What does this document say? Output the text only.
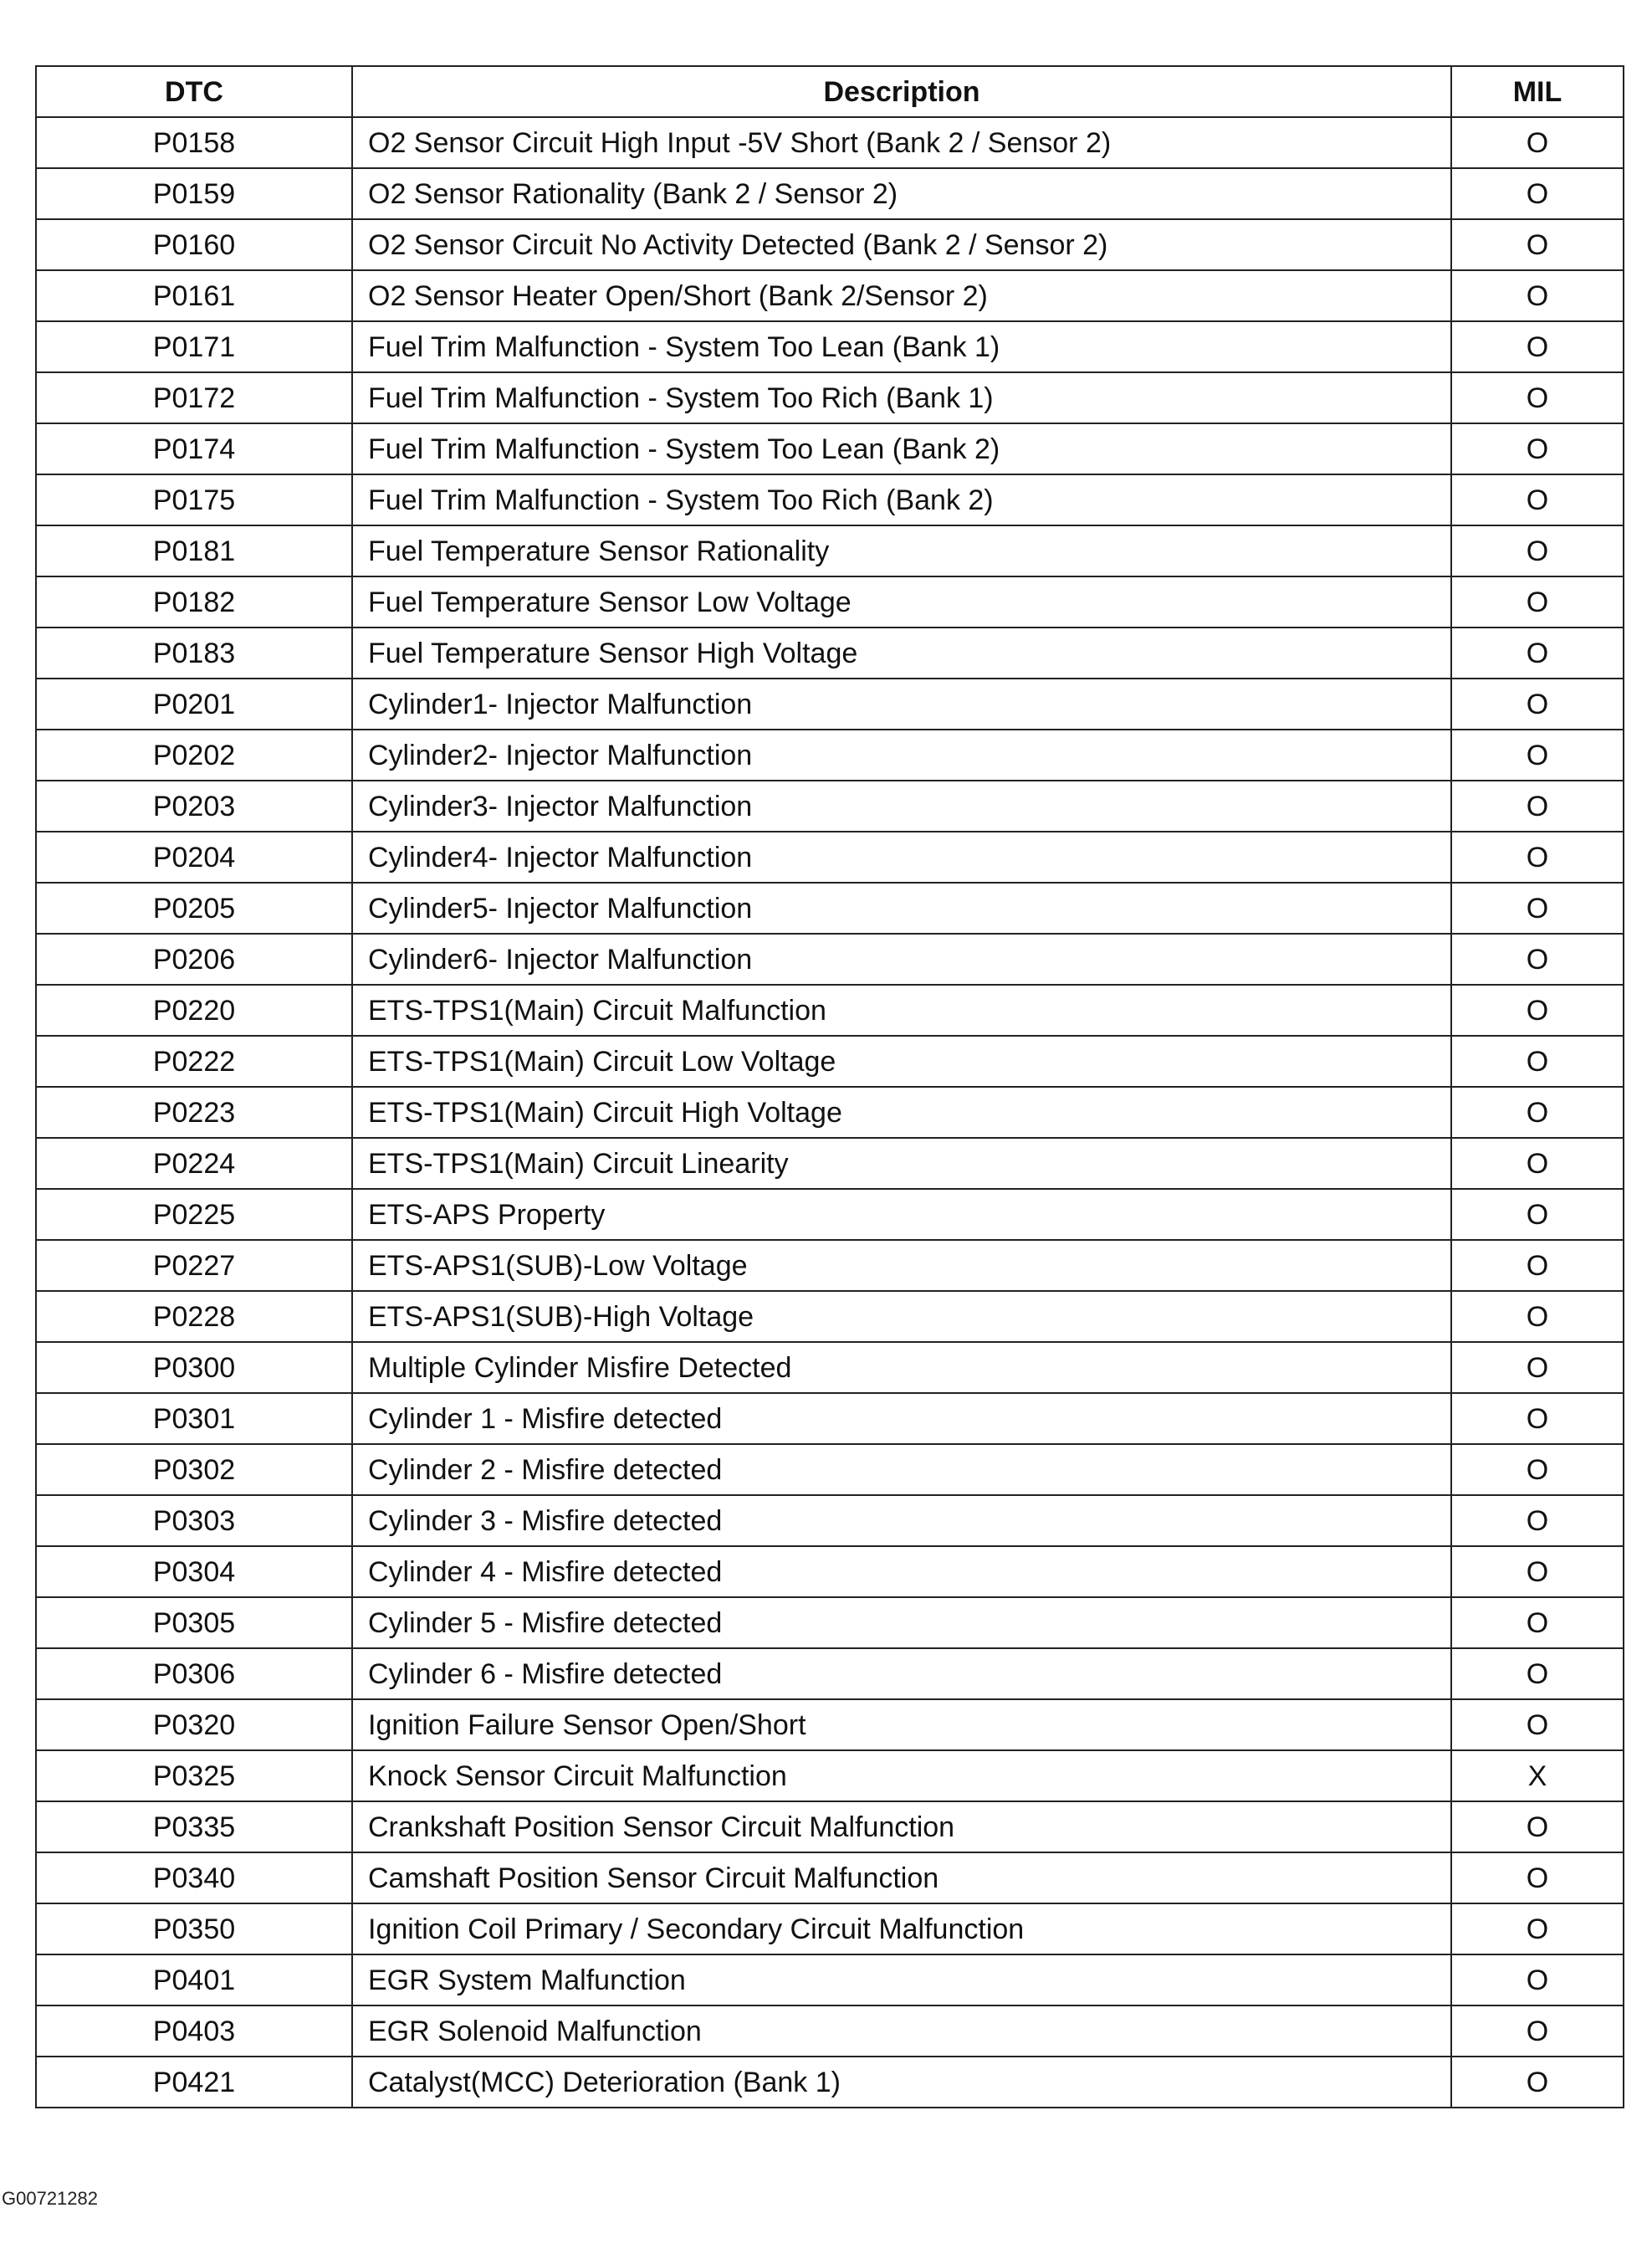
DTC	Description	MIL
P0158	O2 Sensor Circuit High Input -5V Short (Bank 2 / Sensor 2)	O
P0159	O2 Sensor Rationality (Bank 2 / Sensor 2)	O
P0160	O2 Sensor Circuit No Activity Detected (Bank 2 / Sensor 2)	O
P0161	O2 Sensor Heater Open/Short (Bank 2/Sensor 2)	O
P0171	Fuel Trim Malfunction - System Too Lean (Bank 1)	O
P0172	Fuel Trim Malfunction - System Too Rich (Bank 1)	O
P0174	Fuel Trim Malfunction - System Too Lean (Bank 2)	O
P0175	Fuel Trim Malfunction - System Too Rich (Bank 2)	O
P0181	Fuel Temperature Sensor Rationality	O
P0182	Fuel Temperature Sensor Low Voltage	O
P0183	Fuel Temperature Sensor High Voltage	O
P0201	Cylinder1- Injector Malfunction	O
P0202	Cylinder2- Injector Malfunction	O
P0203	Cylinder3- Injector Malfunction	O
P0204	Cylinder4- Injector Malfunction	O
P0205	Cylinder5- Injector Malfunction	O
P0206	Cylinder6- Injector Malfunction	O
P0220	ETS-TPS1(Main) Circuit Malfunction	O
P0222	ETS-TPS1(Main) Circuit Low Voltage	O
P0223	ETS-TPS1(Main) Circuit High Voltage	O
P0224	ETS-TPS1(Main) Circuit Linearity	O
P0225	ETS-APS Property	O
P0227	ETS-APS1(SUB)-Low Voltage	O
P0228	ETS-APS1(SUB)-High Voltage	O
P0300	Multiple Cylinder Misfire Detected	O
P0301	Cylinder 1 - Misfire detected	O
P0302	Cylinder 2 - Misfire detected	O
P0303	Cylinder 3 - Misfire detected	O
P0304	Cylinder 4 - Misfire detected	O
P0305	Cylinder 5 - Misfire detected	O
P0306	Cylinder 6 - Misfire detected	O
P0320	Ignition Failure Sensor Open/Short	O
P0325	Knock Sensor Circuit Malfunction	X
P0335	Crankshaft Position Sensor Circuit Malfunction	O
P0340	Camshaft Position Sensor Circuit Malfunction	O
P0350	Ignition Coil Primary / Secondary Circuit Malfunction	O
P0401	EGR System Malfunction	O
P0403	EGR Solenoid Malfunction	O
P0421	Catalyst(MCC) Deterioration (Bank 1)	O
G00721282
